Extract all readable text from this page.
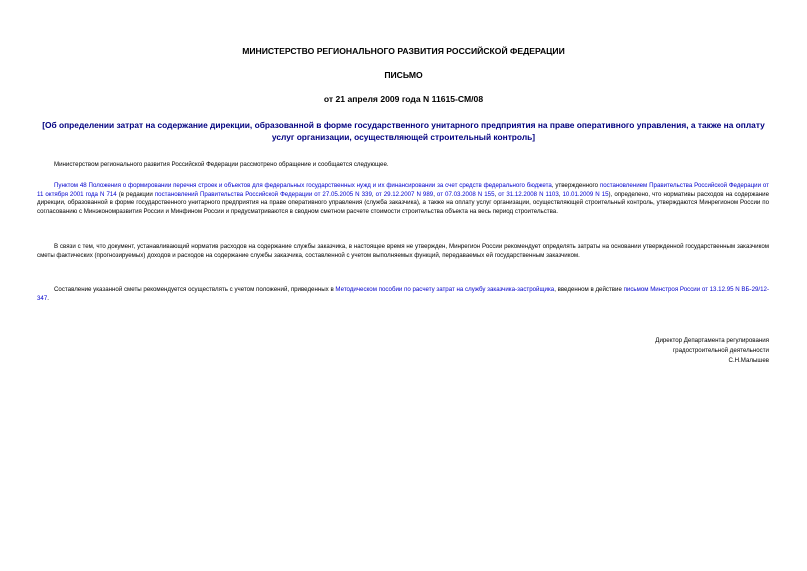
МИНИСТЕРСТВО РЕГИОНАЛЬНОГО РАЗВИТИЯ РОССИЙСКОЙ ФЕДЕРАЦИИ
ПИСЬМО
от 21 апреля 2009 года N 11615-СМ/08
[Об определении затрат на содержание дирекции, образованной в форме государственного унитарного предприятия на праве оперативного управления, а также на оплату услуг организации, осуществляющей строительный контроль]

Министерством регионального развития Российской Федерации рассмотрено обращение и сообщается следующее.

Пунктом 48 Положения о формировании перечня строек и объектов для федеральных государственных нужд и их финансировании за счет средств федерального бюджета, утвержденного постановлением Правительства Российской Федерации от 11 октября 2001 года N 714 (в редакции постановлений Правительства Российской Федерации от 27.05.2005 N 339, от 29.12.2007 N 989, от 07.03.2008 N 155, от 31.12.2008 N 1103, 10.01.2009 N 15), определено, что нормативы расходов на содержание дирекции, образованной в форме государственного унитарного предприятия на праве оперативного управления (служба заказчика), а также на оплату услуг организации, осуществляющей строительный контроль, утверждаются Минрегионом России по согласованию с Минэкономразвития России и Минфином России и предусматриваются в сводном сметном расчете стоимости строительства объекта на весь период строительства.

В связи с тем, что документ, устанавливающий норматив расходов на содержание службы заказчика, в настоящее время не утвержден, Минрегион России рекомендует определять затраты на основании утвержденной государственным заказчиком сметы фактических (прогнозируемых) доходов и расходов на содержание службы заказчика, составленной с учетом выполняемых функций, передаваемых ей государственным заказчиком.

Составление указанной сметы рекомендуется осуществлять с учетом положений, приведенных в Методическом пособии по расчету затрат на службу заказчика-застройщика, введенном в действие письмом Минстроя России от 13.12.95 N ВБ-29/12-347.

Директор Департамента регулирования
градостроительной деятельности
С.Н.Малышев
